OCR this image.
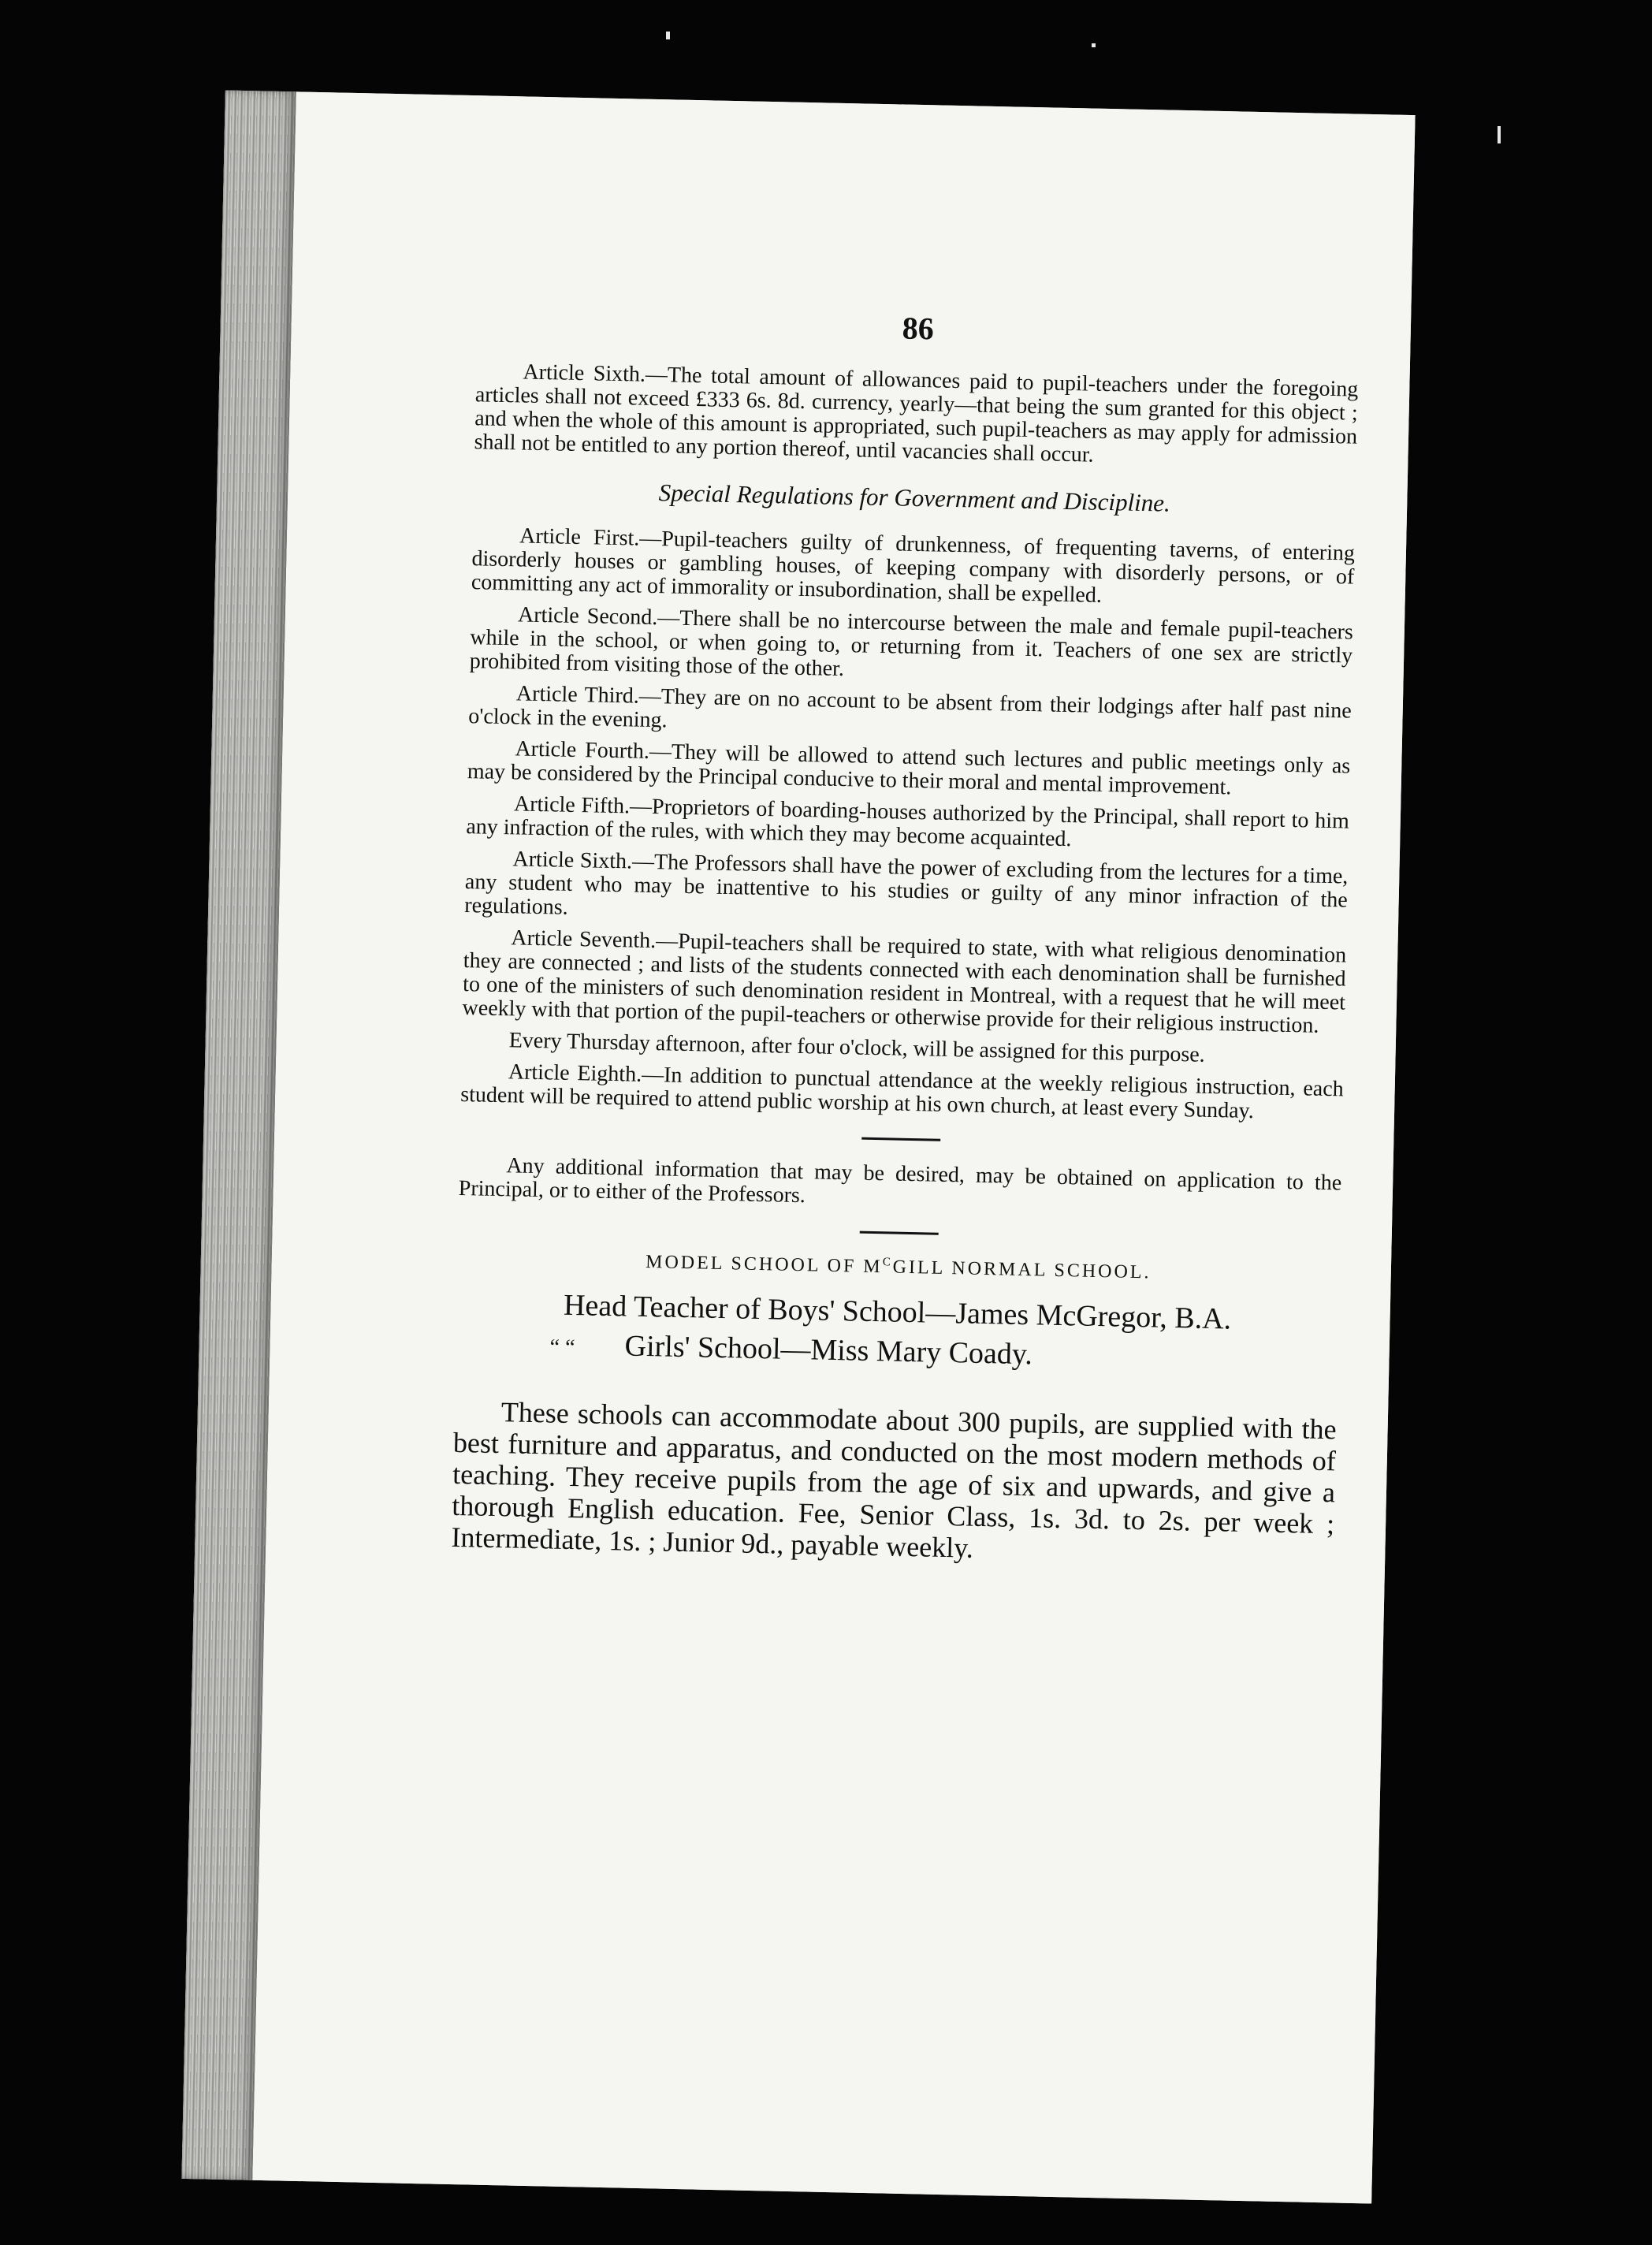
86

Article Sixth.—The total amount of allowances paid to pupil-teachers under the foregoing articles shall not exceed £333 6s. 8d. currency, yearly—that being the sum granted for this object ; and when the whole of this amount is appropriated, such pupil-teachers as may apply for admission shall not be entitled to any portion thereof, until vacancies shall occur.

Special Regulations for Government and Discipline.

Article First.—Pupil-teachers guilty of drunkenness, of frequenting taverns, of entering disorderly houses or gambling houses, of keeping company with disorderly persons, or of committing any act of immorality or insubordination, shall be expelled.

Article Second.—There shall be no intercourse between the male and female pupil-teachers while in the school, or when going to, or returning from it. Teachers of one sex are strictly prohibited from visiting those of the other.

Article Third.—They are on no account to be absent from their lodgings after half past nine o'clock in the evening.

Article Fourth.—They will be allowed to attend such lectures and public meetings only as may be considered by the Principal conducive to their moral and mental improvement.

Article Fifth.—Proprietors of boarding-houses authorized by the Principal, shall report to him any infraction of the rules, with which they may become acquainted.

Article Sixth.—The Professors shall have the power of excluding from the lectures for a time, any student who may be inattentive to his studies or guilty of any minor infraction of the regulations.

Article Seventh.—Pupil-teachers shall be required to state, with what religious denomination they are connected ; and lists of the students connected with each denomination shall be furnished to one of the ministers of such denomination resident in Montreal, with a request that he will meet weekly with that portion of the pupil-teachers or otherwise provide for their religious instruction.

Every Thursday afternoon, after four o'clock, will be assigned for this purpose.

Article Eighth.—In addition to punctual attendance at the weekly religious instruction, each student will be required to attend public worship at his own church, at least every Sunday.

Any additional information that may be desired, may be obtained on application to the Principal, or to either of the Professors.

MODEL SCHOOL OF $M^CGILL$ NORMAL SCHOOL.
Head Teacher of Boys' School—James McGregor, B.A.
“ “ Girls' School—Miss Mary Coady.

These schools can accommodate about 300 pupils, are supplied with the best furniture and apparatus, and conducted on the most modern methods of teaching. They receive pupils from the age of six and upwards, and give a thorough English education. Fee, Senior Class, 1s. 3d. to 2s. per week ; Intermediate, 1s. ; Junior 9d., payable weekly.
